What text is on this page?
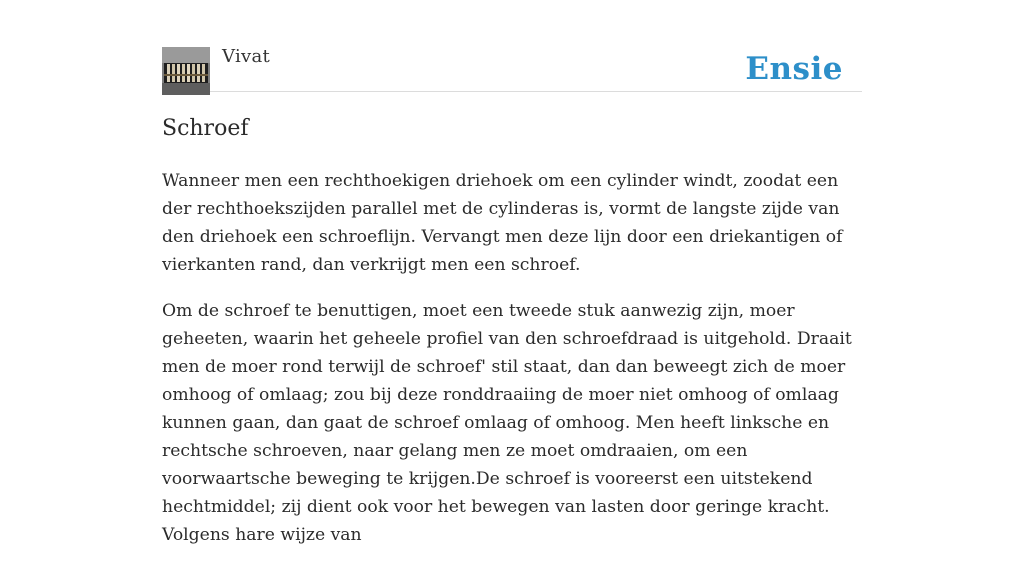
Vivat	Ensie
Schroef

Wanneer men een rechthoekigen driehoek om een cylinder windt, zoodat een der rechthoekszijden parallel met de cylinderas is, vormt de langste zijde van den driehoek een schroeflijn. Vervangt men deze lijn door een driekantigen of vierkanten rand, dan verkrijgt men een schroef.

Om de schroef te benuttigen, moet een tweede stuk aanwezig zijn, moer geheeten, waarin het geheele profiel van den schroefdraad is uitgehold. Draait men de moer rond terwijl de schroef' stil staat, dan dan beweegt zich de moer omhoog of omlaag; zou bij deze ronddraaiing de moer niet omhoog of omlaag kunnen gaan, dan gaat de schroef omlaag of omhoog. Men heeft linksche en rechtsche schroeven, naar gelang men ze moet omdraaien, om een voorwaartsche beweging te krijgen.De schroef is vooreerst een uitstekend hechtmiddel; zij dient ook voor het bewegen van lasten door geringe kracht. Volgens hare wijze van
